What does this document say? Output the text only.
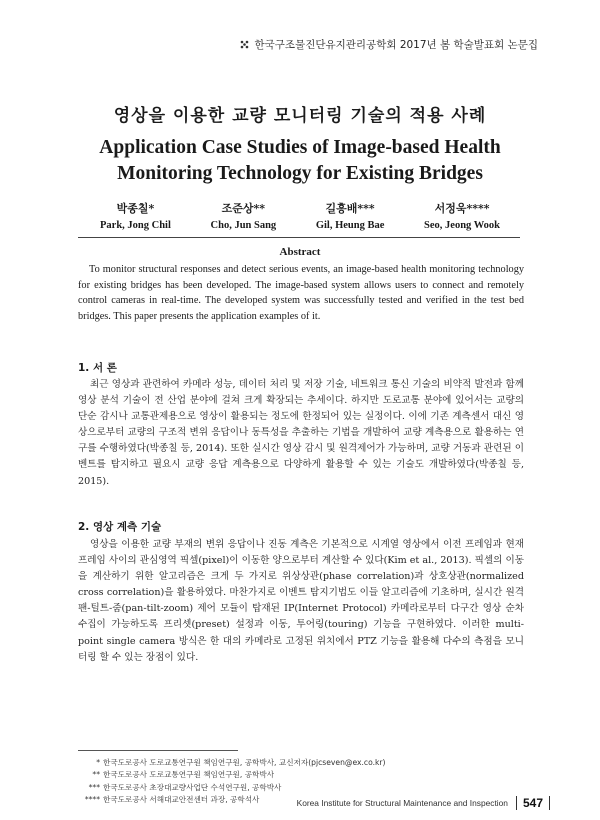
한국구조물진단유지관리공학회 2017년 봄 학술발표회 논문집
영상을 이용한 교량 모니터링 기술의 적용 사례
Application Case Studies of Image-based Health Monitoring Technology for Existing Bridges
박종칠*
Park, Jong Chil
조준상**
Cho, Jun Sang
길흥배***
Gil, Heung Bae
서정욱****
Seo, Jeong Wook
Abstract

To monitor structural responses and detect serious events, an image-based health monitoring technology for existing bridges has been developed. The image-based system allows users to connect and remotely control cameras in real-time. The developed system was successfully tested and verified in the test bed bridges. This paper presents the application examples of it.

1. 서 론

최근 영상과 관련하여 카메라 성능, 데이터 처리 및 저장 기술, 네트워크 통신 기술의 비약적 발전과 함께 영상 분석 기술이 전 산업 분야에 걸쳐 크게 확장되는 추세이다. 하지만 도로교통 분야에 있어서는 교량의 단순 감시나 교통관제용으로 영상이 활용되는 정도에 한정되어 있는 실정이다. 이에 기존 계측센서 대신 영상으로부터 교량의 구조적 변위 응답이나 동특성을 추출하는 기법을 개발하여 교량 계측용으로 활용하는 연구를 수행하였다(박종칠 등, 2014). 또한 실시간 영상 감시 및 원격제어가 가능하며, 교량 거동과 관련된 이벤트를 탐지하고 필요시 교량 응답 계측용으로 다양하게 활용할 수 있는 기술도 개발하였다(박종칠 등, 2015).

2. 영상 계측 기술

영상을 이용한 교량 부재의 변위 응답이나 진동 계측은 기본적으로 시계열 영상에서 이전 프레임과 현재 프레임 사이의 관심영역 픽셀(pixel)이 이동한 양으로부터 계산할 수 있다(Kim et al., 2013). 픽셀의 이동을 계산하기 위한 알고리즘은 크게 두 가지로 위상상관(phase correlation)과 상호상관(normalized cross correlation)을 활용하였다. 마찬가지로 이벤트 탐지기법도 이들 알고리즘에 기초하며, 실시간 원격 팬-틸트-줌(pan-tilt-zoom) 제어 모듈이 탑재된 IP(Internet Protocol) 카메라로부터 다구간 영상 순차 수집이 가능하도록 프리셋(preset) 설정과 이동, 투어링(touring) 기능을 구현하였다. 이러한 multi-point single camera 방식은 한 대의 카메라로 고정된 위치에서 PTZ 기능을 활용해 다수의 측점을 모니터링 할 수 있는 장점이 있다.

* 한국도로공사 도로교통연구원 책임연구원, 공학박사, 교신저자(pjcseven@ex.co.kr)
** 한국도로공사 도로교통연구원 책임연구원, 공학박사
*** 한국도로공사 초장대교량사업단 수석연구원, 공학박사
**** 한국도로공사 서해대교안전센터 과장, 공학석사	Korea Institute for Structural Maintenance and Inspection	547
